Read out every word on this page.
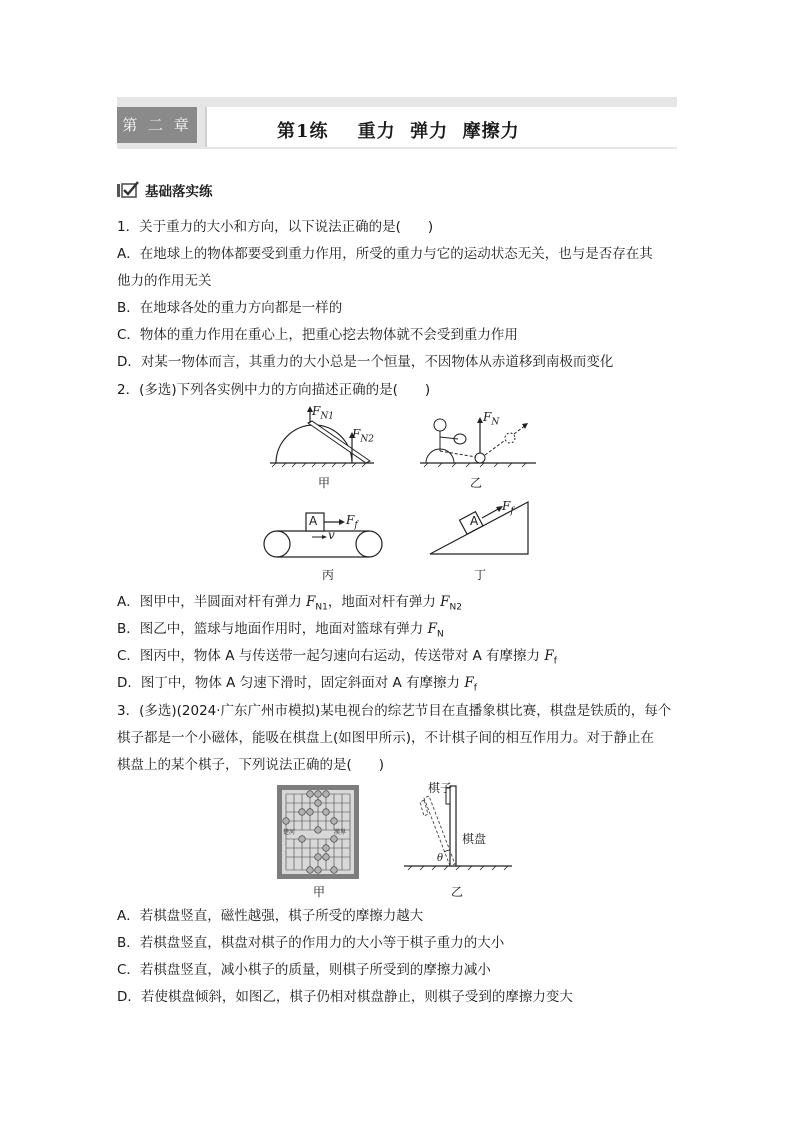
第 二 章	第1练    重力  弹力  摩擦力
基础落实练
1．关于重力的大小和方向，以下说法正确的是(　　)
A．在地球上的物体都要受到重力作用，所受的重力与它的运动状态无关，也与是否存在其
他力的作用无关
B．在地球各处的重力方向都是一样的
C．物体的重力作用在重心上，把重心挖去物体就不会受到重力作用
D．对某一物体而言，其重力的大小总是一个恒量，不因物体从赤道移到南极而变化
2．(多选)下列各实例中力的方向描述正确的是(　　)
$F_{N1}$
$F_{N2}$
甲
$F_N$
乙
A $F_f$
v
丙
A
$F_f$
丁
A．图甲中，半圆面对杆有弹力 $F_{N1}$，地面对杆有弹力 $F_{N2}$
B．图乙中，篮球与地面作用时，地面对篮球有弹力 $F_N$
C．图丙中，物体 A 与传送带一起匀速向右运动，传送带对 A 有摩擦力 $F_f$
D．图丁中，物体 A 匀速下滑时，固定斜面对 A 有摩擦力 $F_f$
3．(多选)(2024·广东广州市模拟)某电视台的综艺节目在直播象棋比赛，棋盘是铁质的，每个
棋子都是一个小磁体，能吸在棋盘上(如图甲所示)，不计棋子间的相互作用力。对于静止在
棋盘上的某个棋子，下列说法正确的是(　　)
楚河	漢界
甲
棋子
棋盘
θ
乙
A．若棋盘竖直，磁性越强，棋子所受的摩擦力越大
B．若棋盘竖直，棋盘对棋子的作用力的大小等于棋子重力的大小
C．若棋盘竖直，减小棋子的质量，则棋子所受到的摩擦力减小
D．若使棋盘倾斜，如图乙，棋子仍相对棋盘静止，则棋子受到的摩擦力变大
